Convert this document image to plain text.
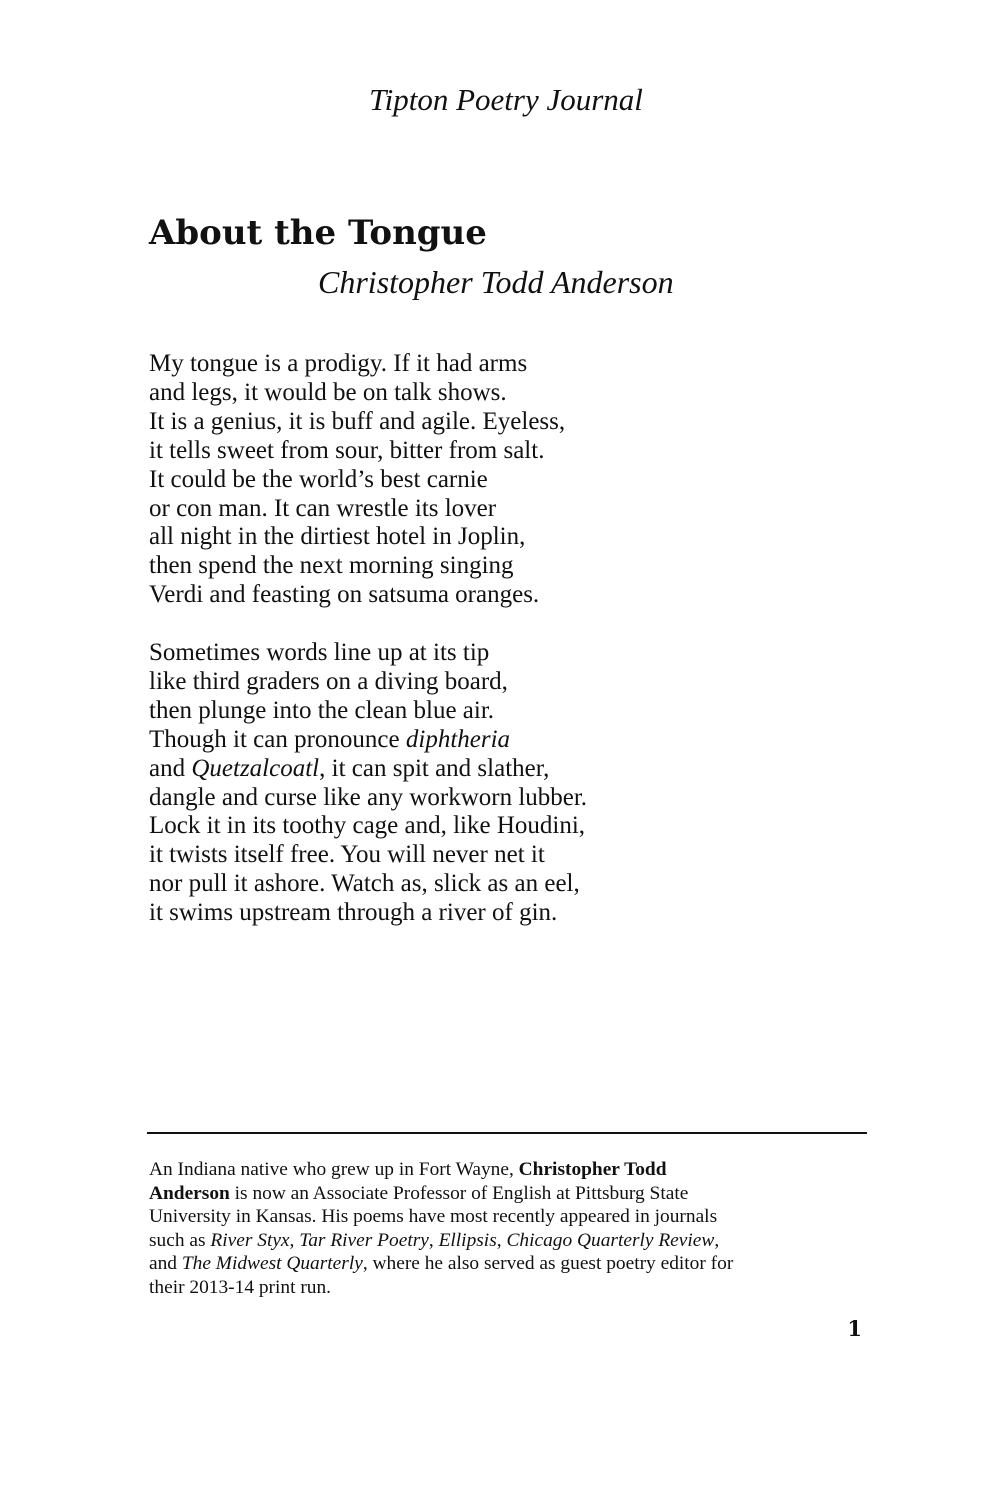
Tipton Poetry Journal
About the Tongue
Christopher Todd Anderson
My tongue is a prodigy. If it had arms
and legs, it would be on talk shows.
It is a genius, it is buff and agile. Eyeless,
it tells sweet from sour, bitter from salt.
It could be the world’s best carnie
or con man. It can wrestle its lover
all night in the dirtiest hotel in Joplin,
then spend the next morning singing
Verdi and feasting on satsuma oranges.
Sometimes words line up at its tip
like third graders on a diving board,
then plunge into the clean blue air.
Though it can pronounce diphtheria
and Quetzalcoatl, it can spit and slather,
dangle and curse like any workworn lubber.
Lock it in its toothy cage and, like Houdini,
it twists itself free. You will never net it
nor pull it ashore. Watch as, slick as an eel,
it swims upstream through a river of gin.
An Indiana native who grew up in Fort Wayne, Christopher Todd
Anderson is now an Associate Professor of English at Pittsburg State
University in Kansas. His poems have most recently appeared in journals
such as River Styx, Tar River Poetry, Ellipsis, Chicago Quarterly Review,
and The Midwest Quarterly, where he also served as guest poetry editor for
their 2013-14 print run.
1
